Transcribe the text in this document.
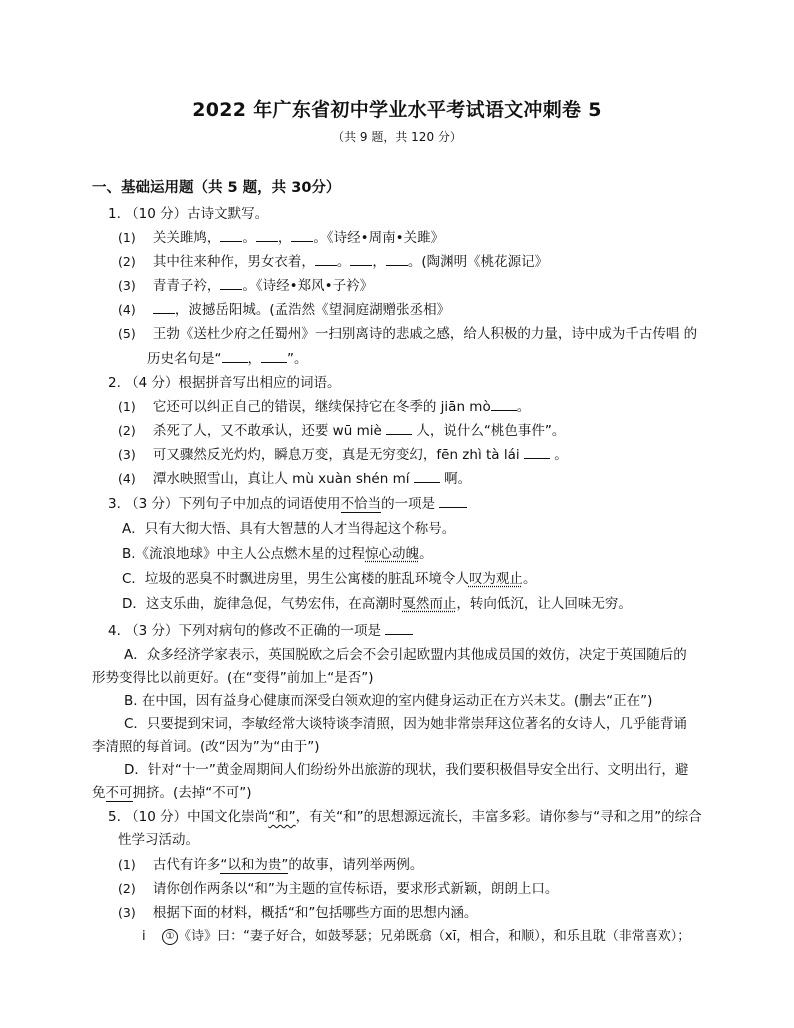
2022 年广东省初中学业水平考试语文冲刺卷 5
（共 9 题，共 120 分）
一、基础运用题（共 5 题，共 30分）
1. （10 分）古诗文默写。
(1) 关关雎鸠， 。 ， 。《诗经•周南•关雎》
(2) 其中往来种作，男女衣着， 。 ， 。(陶渊明《桃花源记》
(3) 青青子衿， 。《诗经•郑风•子衿》
(4)	，波撼岳阳城。(孟浩然《望洞庭湖赠张丞相》
(5) 王勃《送杜少府之任蜀州》一扫别离诗的悲戚之感，给人积极的力量，诗中成为千古传唱 的
历史名句是“ ， ”。
2. （4 分）根据拼音写出相应的词语。
(1) 它还可以纠正自己的错误，继续保持它在冬季的 jiān mò 。
(2) 杀死了人，又不敢承认，还要 wū miè	人，说什么“桃色事件”。
(3) 可又骤然反光灼灼，瞬息万变，真是无穷变幻，fēn zhì tà lái	。
(4) 潭水映照雪山，真让人 mù xuàn shén mí	啊。
3. （3 分）下列句子中加点的词语使用不恰当的一项是
A．只有大彻大悟、具有大智慧的人才当得起这个称号。
B.《流浪地球》中主人公点燃木星的过程惊心动魄。
C．垃圾的恶臭不时飘进房里，男生公寓楼的脏乱环境令人叹为观止。
D．这支乐曲，旋律急促，气势宏伟，在高潮时戛然而止，转向低沉，让人回味无穷。
4. （3 分）下列对病句的修改不正确的一项是
A．众多经济学家表示，英国脱欧之后会不会引起欧盟内其他成员国的效仿，决定于英国随后的
形势变得比以前更好。(在“变得”前加上“是否”)
B. 在中国，因有益身心健康而深受白领欢迎的室内健身运动正在方兴未艾。(删去“正在”)
C．只要提到宋词，李敏经常大谈特谈李清照，因为她非常崇拜这位著名的女诗人，几乎能背诵
李清照的每首词。(改“因为”为“由于”)
D．针对“十一”黄金周期间人们纷纷外出旅游的现状，我们要积极倡导安全出行、文明出行，避
免不可拥挤。(去掉“不可”)
5. （10 分）中国文化崇尚“和”，有关“和”的思想源远流长，丰富多彩。请你参与“寻和之用”的综合
性学习活动。
(1) 古代有许多“以和为贵”的故事，请列举两例。
(2) 请你创作两条以“和”为主题的宣传标语，要求形式新颖，朗朗上口。
(3) 根据下面的材料，概括“和”包括哪些方面的思想内涵。
i ① 《诗》曰：“妻子好合，如鼓琴瑟；兄弟既翕（xī，相合，和顺），和乐且耽（非常喜欢）；
